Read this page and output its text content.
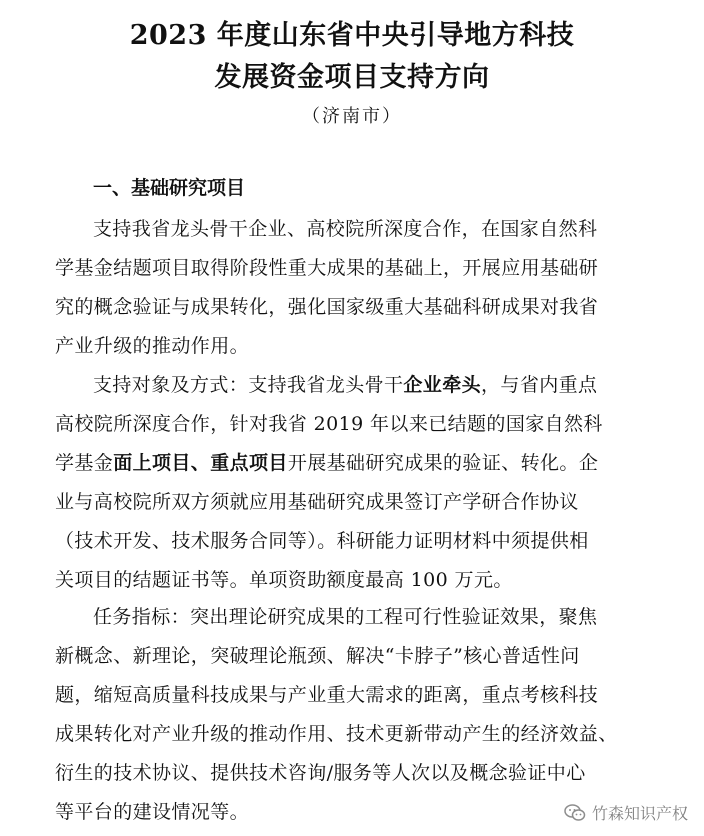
2023 年度山东省中央引导地方科技
发展资金项目支持方向
（济南市）
一、基础研究项目

支持我省龙头骨干企业、高校院所深度合作，在国家自然科

学基金结题项目取得阶段性重大成果的基础上，开展应用基础研

究的概念验证与成果转化，强化国家级重大基础科研成果对我省

产业升级的推动作用。

支持对象及方式：支持我省龙头骨干企业牵头，与省内重点

高校院所深度合作，针对我省 2019 年以来已结题的国家自然科

学基金面上项目、重点项目开展基础研究成果的验证、转化。企

业与高校院所双方须就应用基础研究成果签订产学研合作协议

（技术开发、技术服务合同等）。科研能力证明材料中须提供相

关项目的结题证书等。单项资助额度最高 100 万元。

任务指标：突出理论研究成果的工程可行性验证效果，聚焦

新概念、新理论，突破理论瓶颈、解决“卡脖子”核心普适性问

题，缩短高质量科技成果与产业重大需求的距离，重点考核科技

成果转化对产业升级的推动作用、技术更新带动产生的经济效益、

衍生的技术协议、提供技术咨询/服务等人次以及概念验证中心

等平台的建设情况等。	竹森知识产权
